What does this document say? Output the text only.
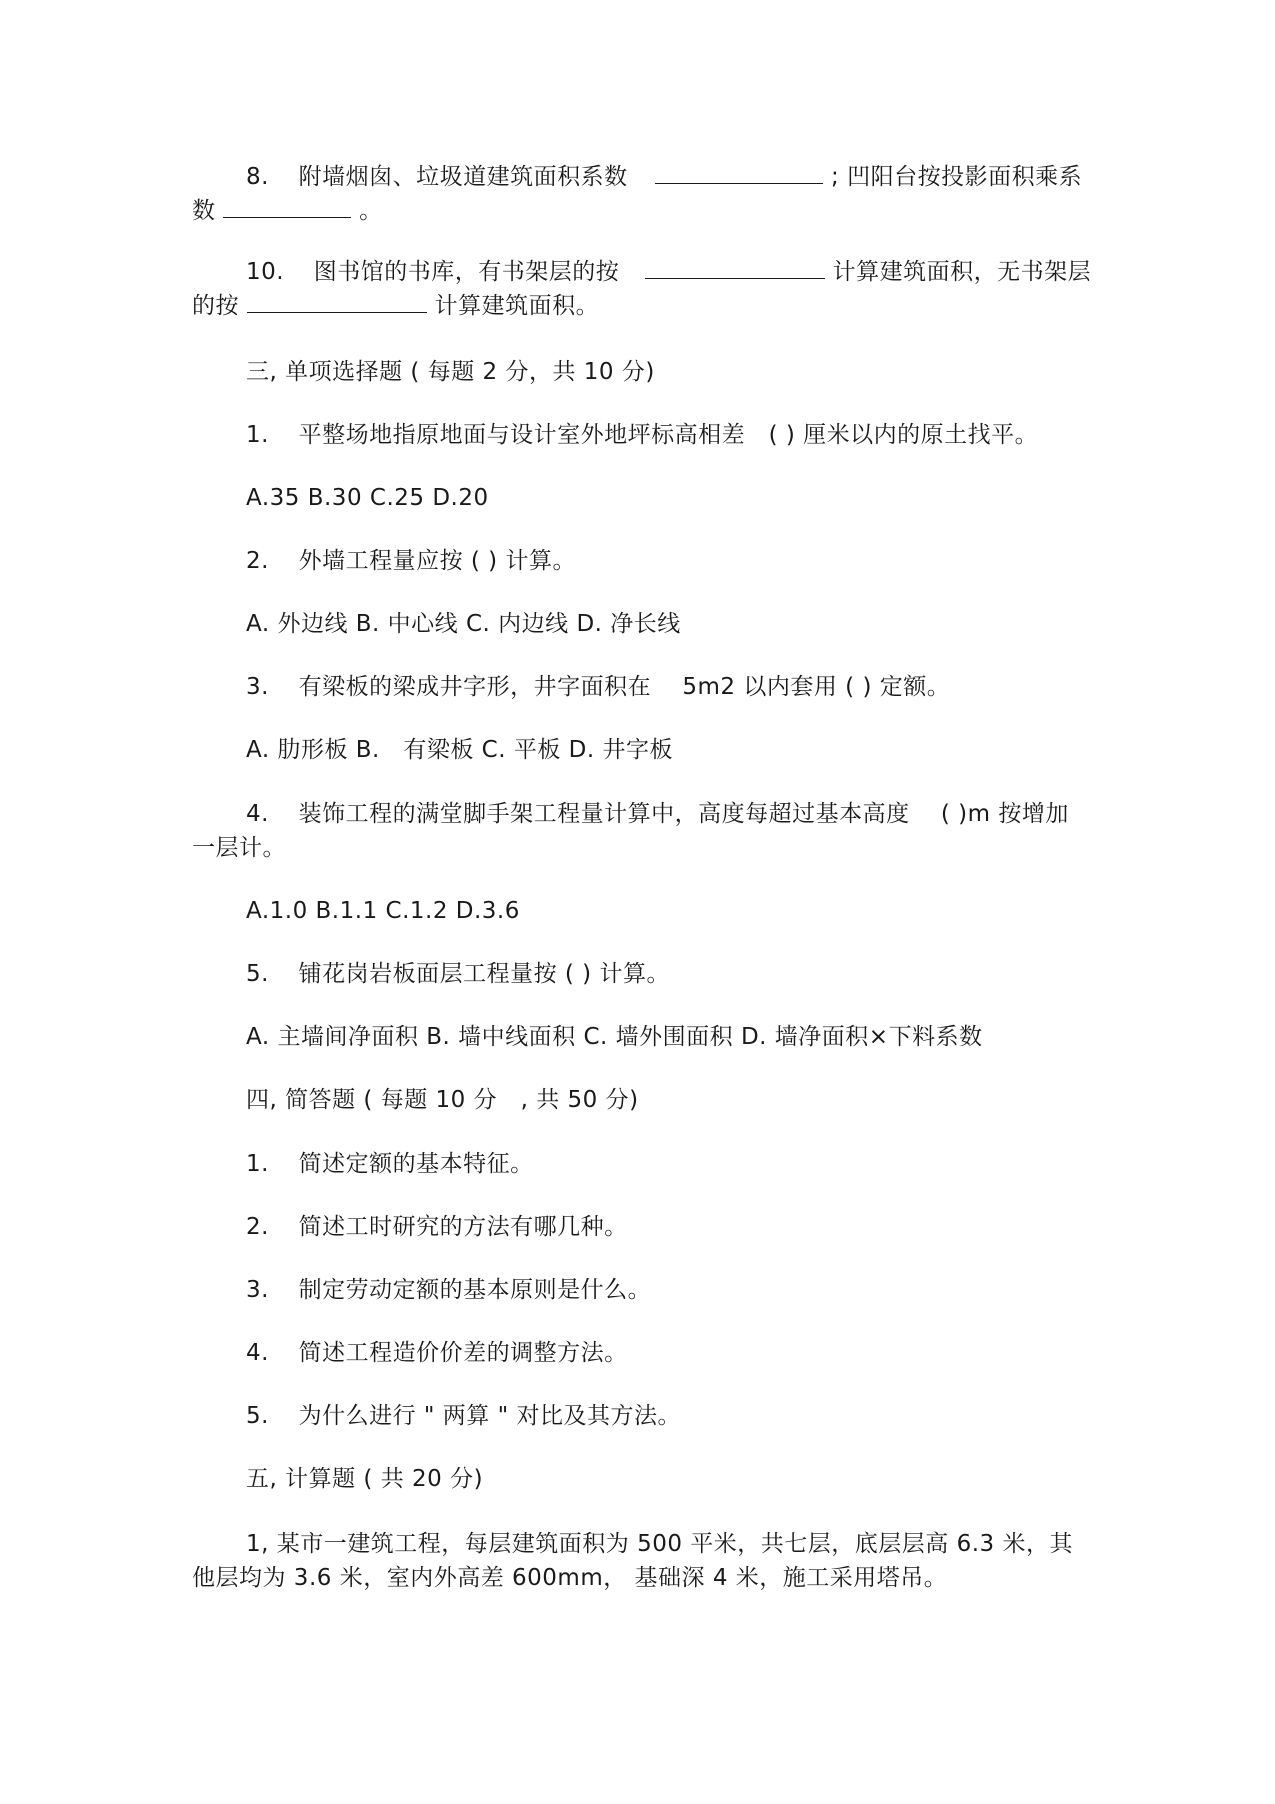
8. 附墙烟囱、垃圾道建筑面积系数	; 凹阳台按投影面积乘系
数	。
10. 图书馆的书库，有书架层的按	计算建筑面积，无书架层
的按	计算建筑面积。
三, 单项选择题 ( 每题 2 分，共 10 分)
1. 平整场地指原地面与设计室外地坪标高相差　( ) 厘米以内的原土找平。
A.35 B.30 C.25 D.20
2. 外墙工程量应按 ( ) 计算。
A. 外边线 B. 中心线 C. 内边线 D. 净长线
3. 有梁板的梁成井字形，井字面积在　 5m2 以内套用 ( ) 定额。
A. 肋形板 B.　有梁板 C. 平板 D. 井字板
4. 装饰工程的满堂脚手架工程量计算中，高度每超过基本高度　 ( )m 按增加
一层计。
A.1.0 B.1.1 C.1.2 D.3.6
5. 铺花岗岩板面层工程量按 ( ) 计算。
A. 主墙间净面积 B. 墙中线面积 C. 墙外围面积 D. 墙净面积×下料系数
四, 简答题 ( 每题 10 分　, 共 50 分)
1. 简述定额的基本特征。
2. 简述工时研究的方法有哪几种。
3. 制定劳动定额的基本原则是什么。
4. 简述工程造价价差的调整方法。
5. 为什么进行 " 两算 " 对比及其方法。
五, 计算题 ( 共 20 分)
1, 某市一建筑工程，每层建筑面积为 500 平米，共七层，底层层高 6.3 米，其
他层均为 3.6 米，室内外高差 600mm， 基础深 4 米，施工采用塔吊。
